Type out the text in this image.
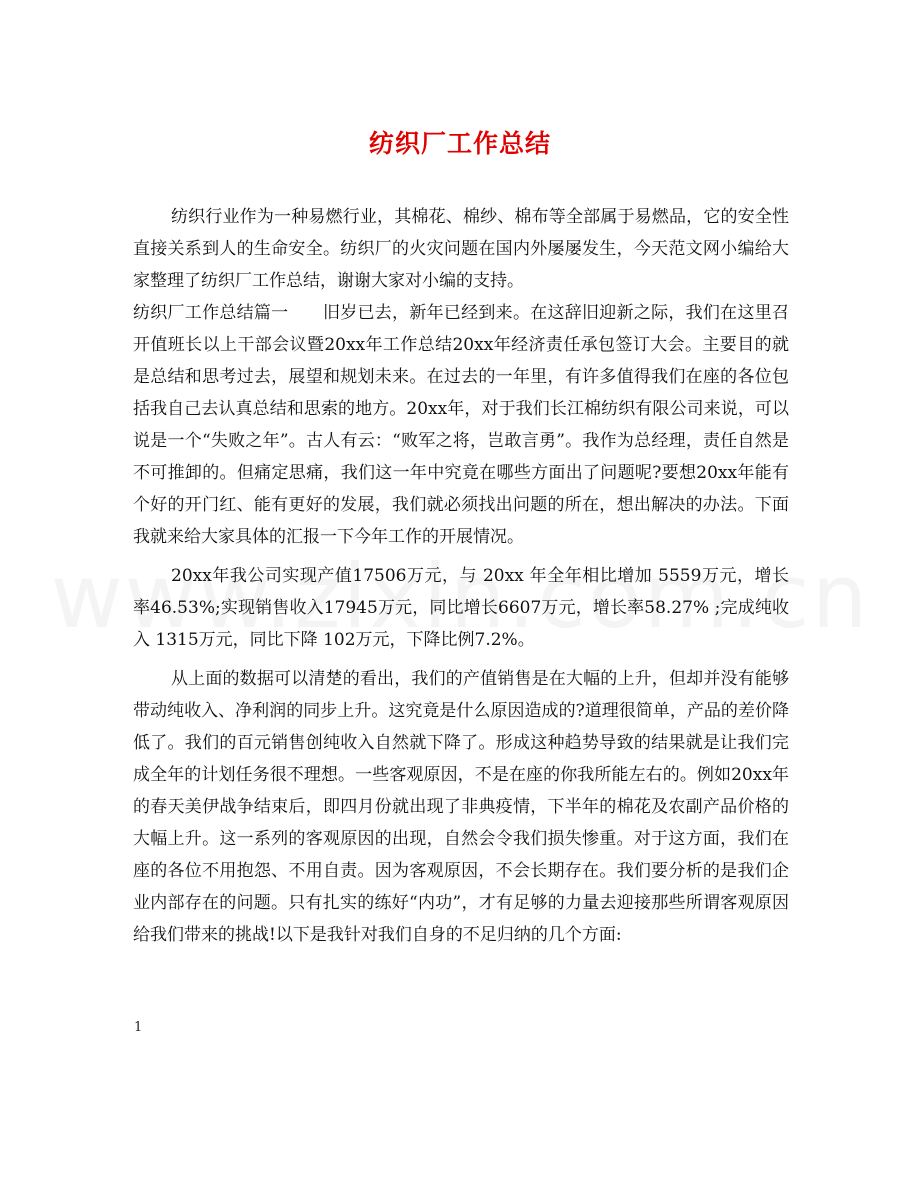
纺织厂工作总结

纺织行业作为一种易燃行业，其棉花、棉纱、棉布等全部属于易燃品，它的安全性直接关系到人的生命安全。纺织厂的火灾问题在国内外屡屡发生，今天范文网小编给大家整理了纺织厂工作总结，谢谢大家对小编的支持。

纺织厂工作总结篇一　　旧岁已去，新年已经到来。在这辞旧迎新之际，我们在这里召开值班长以上干部会议暨20xx年工作总结20xx年经济责任承包签订大会。主要目的就是总结和思考过去，展望和规划未来。在过去的一年里，有许多值得我们在座的各位包括我自己去认真总结和思索的地方。20xx年，对于我们长江棉纺织有限公司来说，可以说是一个“失败之年”。古人有云：“败军之将，岂敢言勇”。我作为总经理，责任自然是不可推卸的。但痛定思痛，我们这一年中究竟在哪些方面出了问题呢?要想20xx年能有个好的开门红、能有更好的发展，我们就必须找出问题的所在，想出解决的办法。下面我就来给大家具体的汇报一下今年工作的开展情况。

20xx年我公司实现产值17506万元，与 20xx 年全年相比增加 5559万元，增长率46.53%;实现销售收入17945万元，同比增长6607万元，增长率58.27% ;完成纯收入 1315万元，同比下降 102万元，下降比例7.2%。

从上面的数据可以清楚的看出，我们的产值销售是在大幅的上升，但却并没有能够带动纯收入、净利润的同步上升。这究竟是什么原因造成的?道理很简单，产品的差价降低了。我们的百元销售创纯收入自然就下降了。形成这种趋势导致的结果就是让我们完成全年的计划任务很不理想。一些客观原因，不是在座的你我所能左右的。例如20xx年的春天美伊战争结束后，即四月份就出现了非典疫情，下半年的棉花及农副产品价格的大幅上升。这一系列的客观原因的出现，自然会令我们损失惨重。对于这方面，我们在座的各位不用抱怨、不用自责。因为客观原因，不会长期存在。我们要分析的是我们企业内部存在的问题。只有扎实的练好“内功”，才有足够的力量去迎接那些所谓客观原因给我们带来的挑战!以下是我针对我们自身的不足归纳的几个方面:

1
